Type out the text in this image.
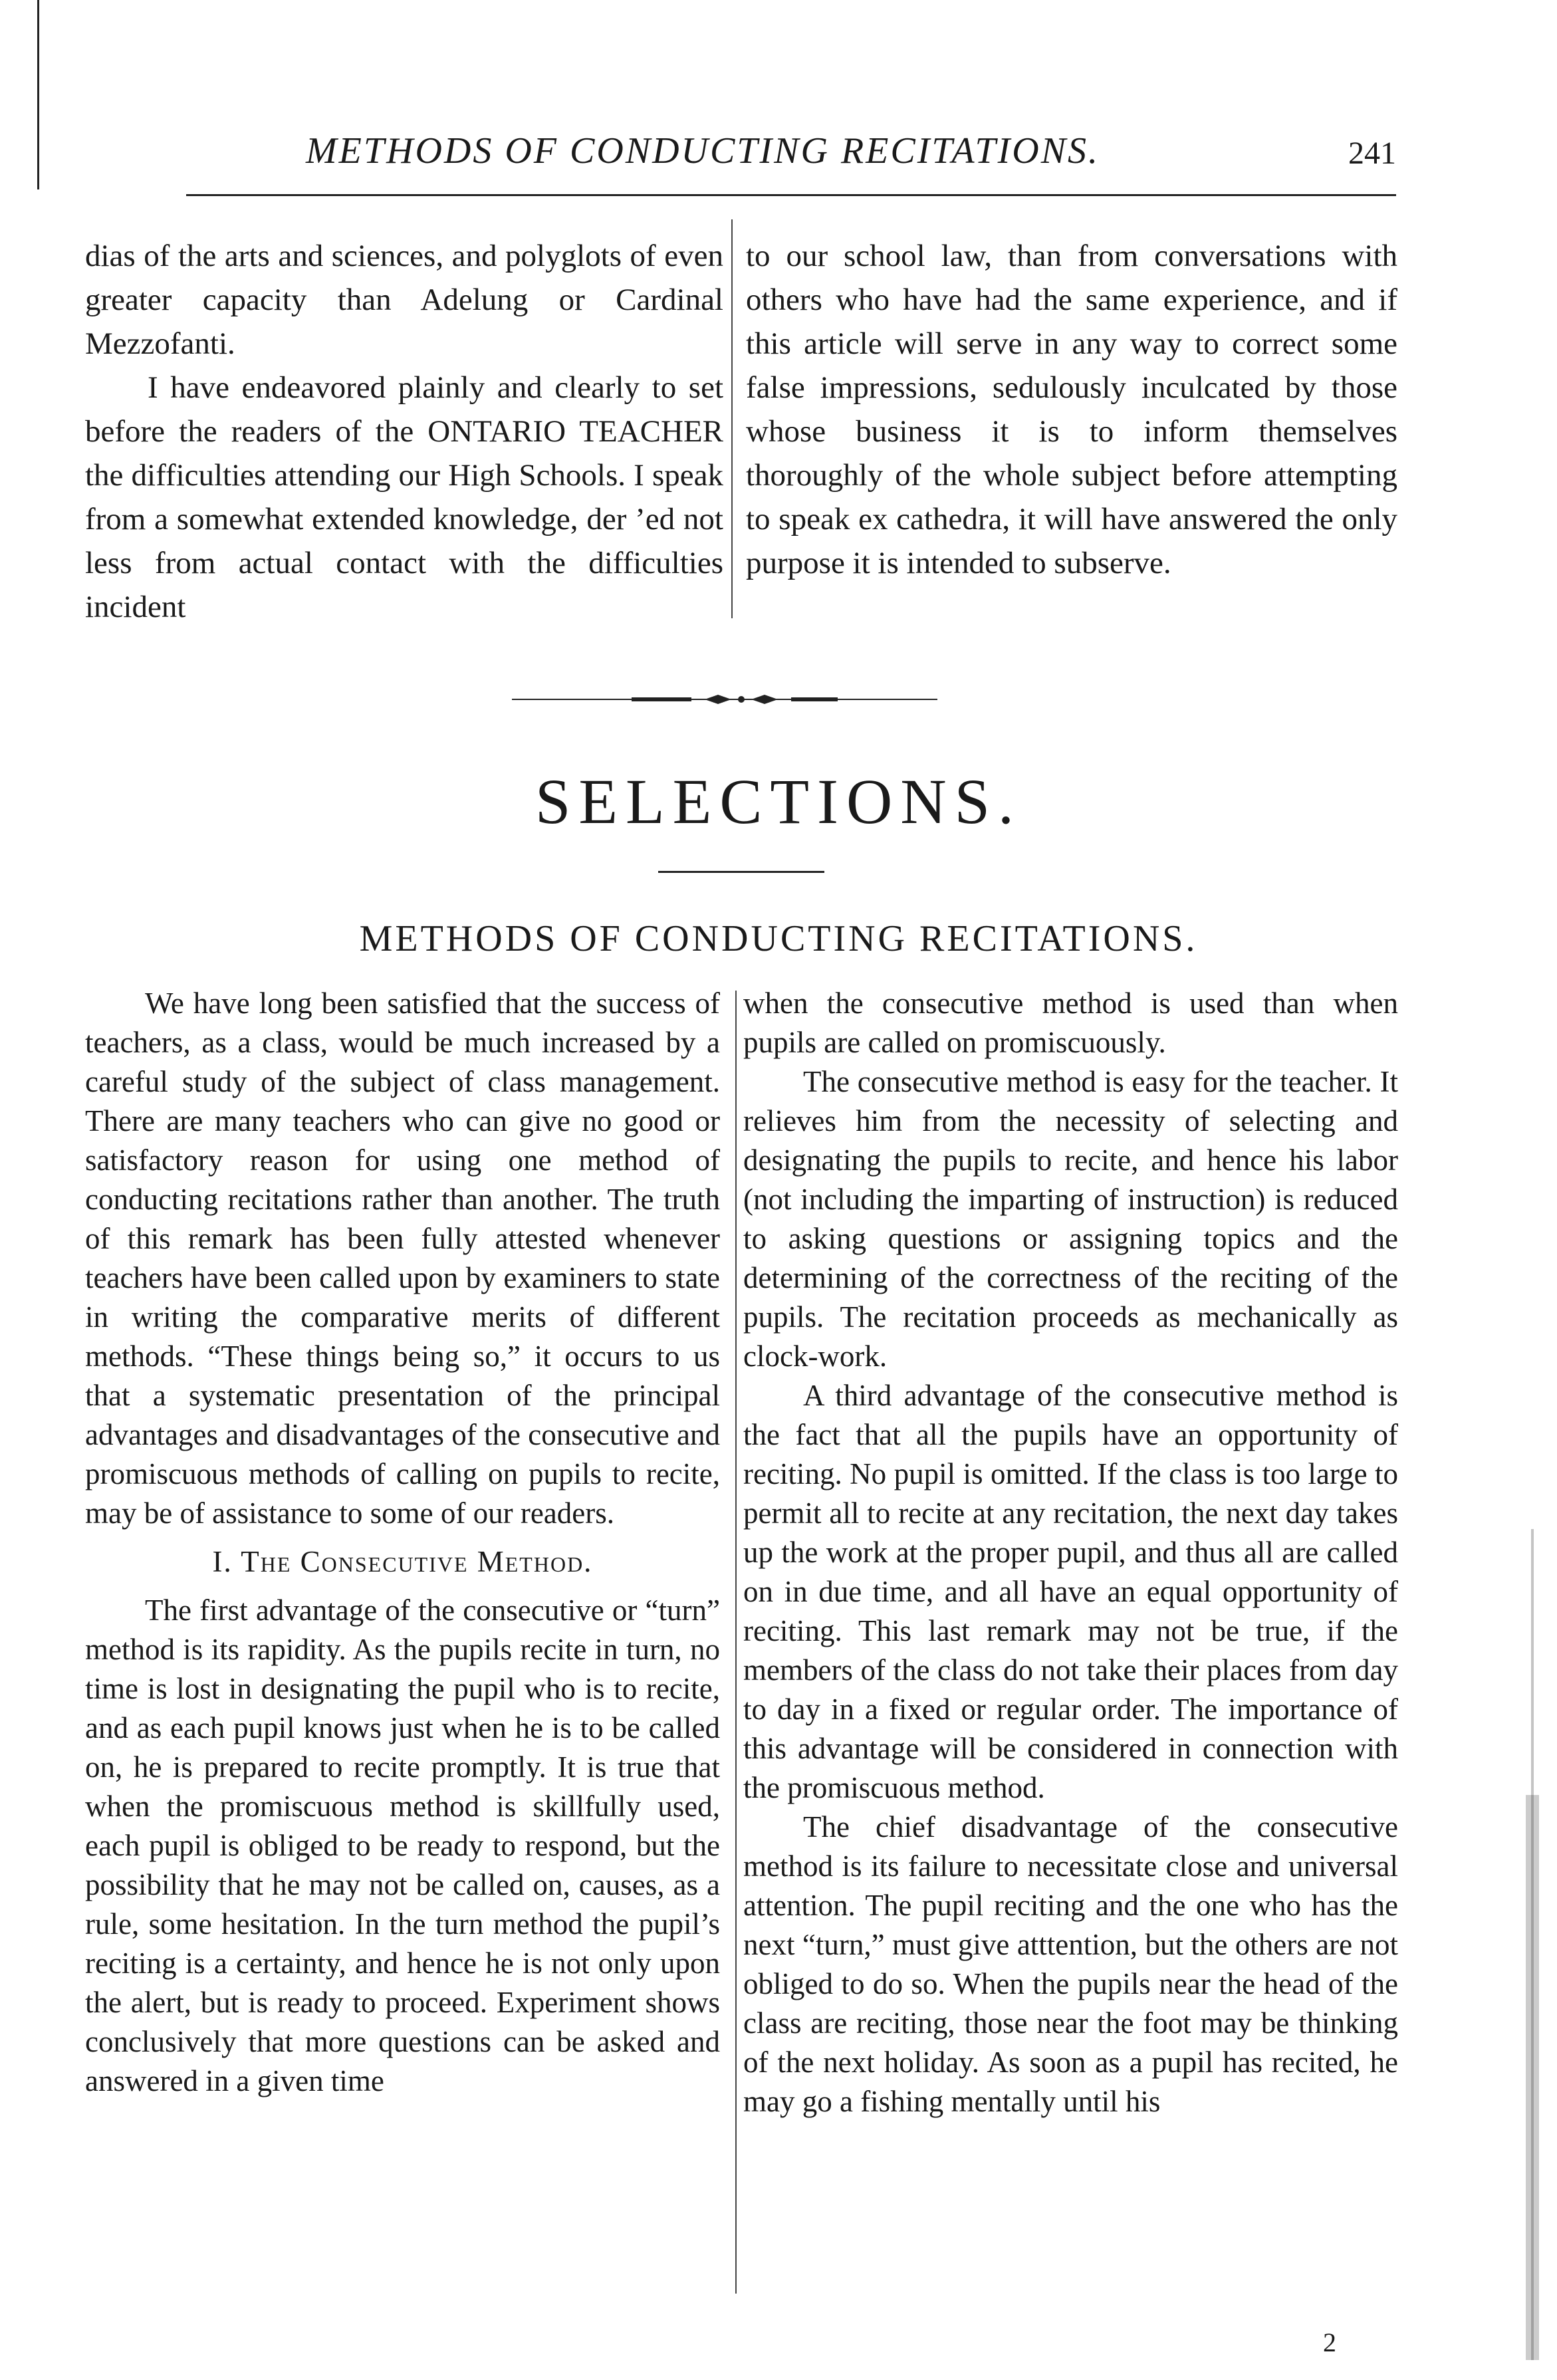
METHODS OF CONDUCTING RECITATIONS.	241

dias of the arts and sciences, and polyglots of even greater capacity than Adelung or Cardinal Mezzofanti.

I have endeavored plainly and clearly to set before the readers of the ONTARIO TEACHER the difficulties attending our High Schools. I speak from a somewhat extended knowledge, der ’ed not less from actual contact with the difficulties incident

to our school law, than from conversations with others who have had the same experience, and if this article will serve in any way to correct some false impressions, sedulously inculcated by those whose business it is to inform themselves thoroughly of the whole subject before attempting to speak ex cathedra, it will have answered the only purpose it is intended to subserve.

SELECTIONS.
METHODS OF CONDUCTING RECITATIONS.

We have long been satisfied that the success of teachers, as a class, would be much increased by a careful study of the subject of class management. There are many teachers who can give no good or satisfactory reason for using one method of conducting recitations rather than another. The truth of this remark has been fully attested whenever teachers have been called upon by examiners to state in writing the comparative merits of different methods. “These things being so,” it occurs to us that a systematic presentation of the principal advantages and disadvantages of the consecutive and promiscuous methods of calling on pupils to recite, may be of assistance to some of our readers.

I. The Consecutive Method.

The first advantage of the consecutive or “turn” method is its rapidity. As the pupils recite in turn, no time is lost in designating the pupil who is to recite, and as each pupil knows just when he is to be called on, he is prepared to recite promptly. It is true that when the promiscuous method is skillfully used, each pupil is obliged to be ready to respond, but the possibility that he may not be called on, causes, as a rule, some hesitation. In the turn method the pupil’s reciting is a certainty, and hence he is not only upon the alert, but is ready to proceed. Experiment shows conclusively that more questions can be asked and answered in a given time

when the consecutive method is used than when pupils are called on promiscuously.

The consecutive method is easy for the teacher. It relieves him from the necessity of selecting and designating the pupils to recite, and hence his labor (not including the imparting of instruction) is reduced to asking questions or assigning topics and the determining of the correctness of the reciting of the pupils. The recitation proceeds as mechanically as clock-work.

A third advantage of the consecutive method is the fact that all the pupils have an opportunity of reciting. No pupil is omitted. If the class is too large to permit all to recite at any recitation, the next day takes up the work at the proper pupil, and thus all are called on in due time, and all have an equal opportunity of reciting. This last remark may not be true, if the members of the class do not take their places from day to day in a fixed or regular order. The importance of this advantage will be considered in connection with the promiscuous method.

The chief disadvantage of the consecutive method is its failure to necessitate close and universal attention. The pupil reciting and the one who has the next “turn,” must give atttention, but the others are not obliged to do so. When the pupils near the head of the class are reciting, those near the foot may be thinking of the next holiday. As soon as a pupil has recited, he may go a fishing mentally until his

2
